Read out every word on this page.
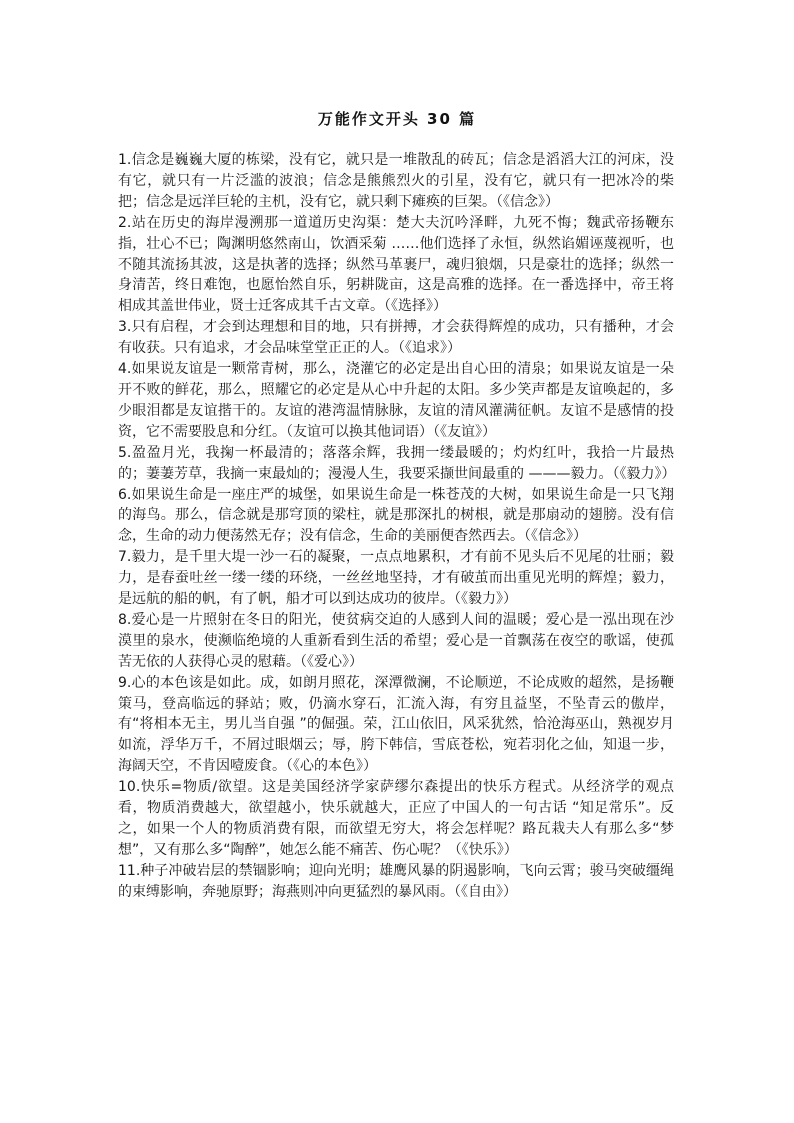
万能作文开头 30 篇

1.信念是巍巍大厦的栋梁，没有它，就只是一堆散乱的砖瓦；信念是滔滔大江的河床，没有它，就只有一片泛滥的波浪；信念是熊熊烈火的引星，没有它，就只有一把冰冷的柴把；信念是远洋巨轮的主机，没有它，就只剩下瘫痪的巨架。（《信念》）

2.站在历史的海岸漫溯那一道道历史沟渠：楚大夫沉吟泽畔，九死不悔；魏武帝扬鞭东指，壮心不已；陶渊明悠然南山，饮酒采菊 ……他们选择了永恒，纵然谄媚诬蔑视听，也不随其流扬其波，这是执著的选择；纵然马革裹尸，魂归狼烟，只是豪壮的选择；纵然一身清苦，终日难饱，也愿怡然自乐，躬耕陇亩，这是高雅的选择。在一番选择中，帝王将相成其盖世伟业，贤士迁客成其千古文章。（《选择》）

3.只有启程，才会到达理想和目的地，只有拼搏，才会获得辉煌的成功，只有播种，才会有收获。只有追求，才会品味堂堂正正的人。（《追求》）

4.如果说友谊是一颗常青树，那么，浇灌它的必定是出自心田的清泉；如果说友谊是一朵开不败的鲜花，那么，照耀它的必定是从心中升起的太阳。多少笑声都是友谊唤起的，多少眼泪都是友谊揩干的。友谊的港湾温情脉脉，友谊的清风灌满征帆。友谊不是感情的投资，它不需要股息和分红。（友谊可以换其他词语）（《友谊》）

5.盈盈月光，我掬一杯最清的；落落余辉，我拥一缕最暖的；灼灼红叶，我拾一片最热的；萋萋芳草，我摘一束最灿的；漫漫人生，我要采撷世间最重的 ———毅力。（《毅力》）

6.如果说生命是一座庄严的城堡，如果说生命是一株苍茂的大树，如果说生命是一只飞翔的海鸟。那么，信念就是那穹顶的梁柱，就是那深扎的树根，就是那扇动的翅膀。没有信念，生命的动力便荡然无存；没有信念，生命的美丽便杳然西去。（《信念》）

7.毅力，是千里大堤一沙一石的凝聚，一点点地累积，才有前不见头后不见尾的壮丽；毅力，是春蚕吐丝一缕一缕的环绕，一丝丝地坚持，才有破茧而出重见光明的辉煌；毅力，是远航的船的帆，有了帆，船才可以到达成功的彼岸。（《毅力》）

8.爱心是一片照射在冬日的阳光，使贫病交迫的人感到人间的温暖；爱心是一泓出现在沙漠里的泉水，使濒临绝境的人重新看到生活的希望；爱心是一首飘荡在夜空的歌谣，使孤苦无依的人获得心灵的慰藉。（《爱心》）

9.心的本色该是如此。成，如朗月照花，深潭微澜，不论顺逆，不论成败的超然，是扬鞭策马，登高临远的驿站；败，仍滴水穿石，汇流入海，有穷且益坚，不坠青云的傲岸，有“将相本无主，男儿当自强 ”的倔强。荣，江山依旧，风采犹然，恰沧海巫山，熟视岁月如流，浮华万千，不屑过眼烟云；辱，胯下韩信，雪底苍松，宛若羽化之仙，知退一步，海阔天空，不肯因噎废食。（《心的本色》）

10.快乐=物质/欲望。这是美国经济学家萨缪尔森提出的快乐方程式。从经济学的观点看，物质消费越大，欲望越小，快乐就越大，正应了中国人的一句古话 “知足常乐”。反之，如果一个人的物质消费有限，而欲望无穷大，将会怎样呢？路瓦栽夫人有那么多“梦想”，又有那么多“陶醉”，她怎么能不痛苦、伤心呢？（《快乐》）

11.种子冲破岩层的禁锢影响；迎向光明；雄鹰风暴的阴遏影响，飞向云霄；骏马突破缰绳的束缚影响，奔驰原野；海燕则冲向更猛烈的暴风雨。（《自由》）
